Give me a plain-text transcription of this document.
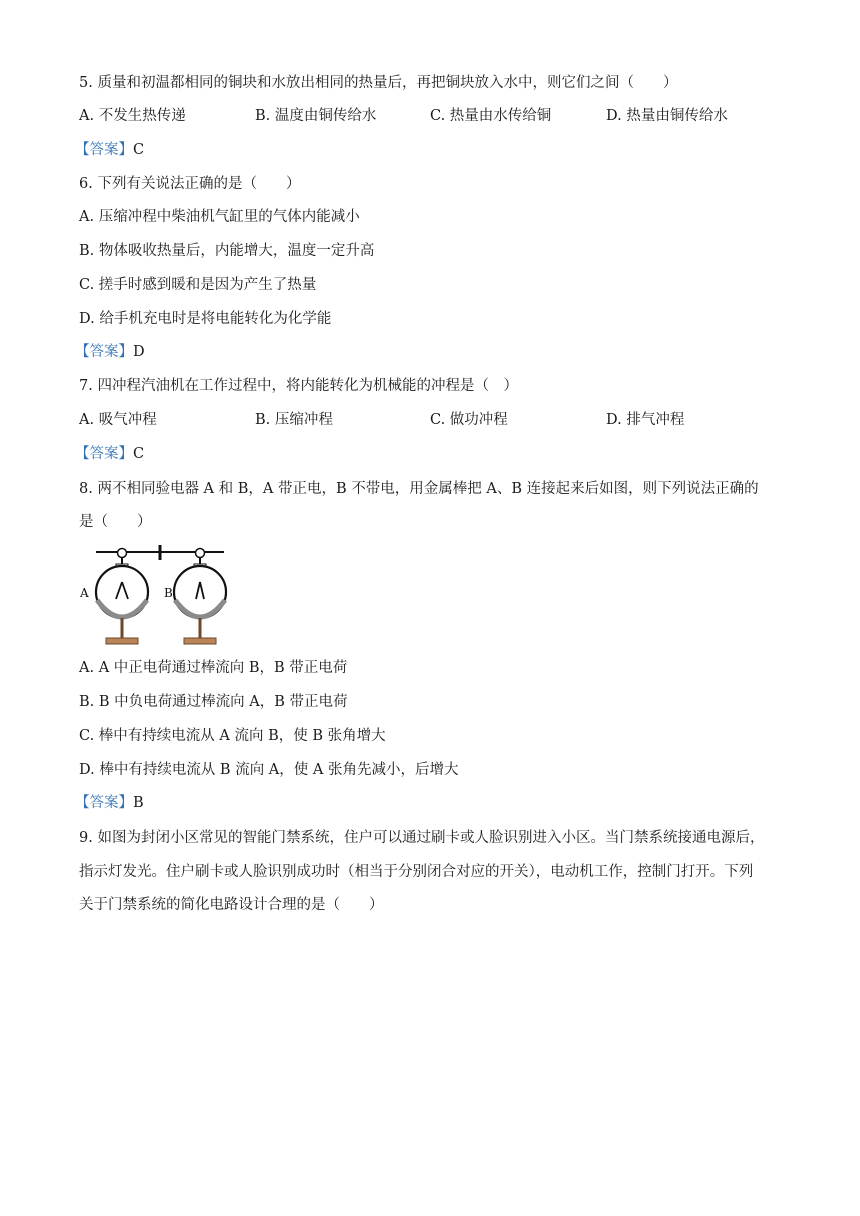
5. 质量和初温都相同的铜块和水放出相同的热量后，再把铜块放入水中，则它们之间（　　）
A. 不发生热传递	B. 温度由铜传给水	C. 热量由水传给铜	D. 热量由铜传给水
【答案】C
6. 下列有关说法正确的是（　　）
A. 压缩冲程中柴油机气缸里的气体内能减小
B. 物体吸收热量后，内能增大，温度一定升高
C. 搓手时感到暖和是因为产生了热量
D. 给手机充电时是将电能转化为化学能
【答案】D
7. 四冲程汽油机在工作过程中，将内能转化为机械能的冲程是（　）
A. 吸气冲程	B. 压缩冲程	C. 做功冲程	D. 排气冲程
【答案】C
8. 两不相同验电器 A 和 B，A 带正电，B 不带电，用金属棒把 A、B 连接起来后如图，则下列说法正确的
是（　　）
A	B
A. A 中正电荷通过棒流向 B，B 带正电荷
B. B 中负电荷通过棒流向 A，B 带正电荷
C. 棒中有持续电流从 A 流向 B，使 B 张角增大
D. 棒中有持续电流从 B 流向 A，使 A 张角先减小，后增大
【答案】B
9. 如图为封闭小区常见的智能门禁系统，住户可以通过刷卡或人脸识别进入小区。当门禁系统接通电源后，
指示灯发光。住户刷卡或人脸识别成功时（相当于分别闭合对应的开关），电动机工作，控制门打开。下列
关于门禁系统的简化电路设计合理的是（　　）
